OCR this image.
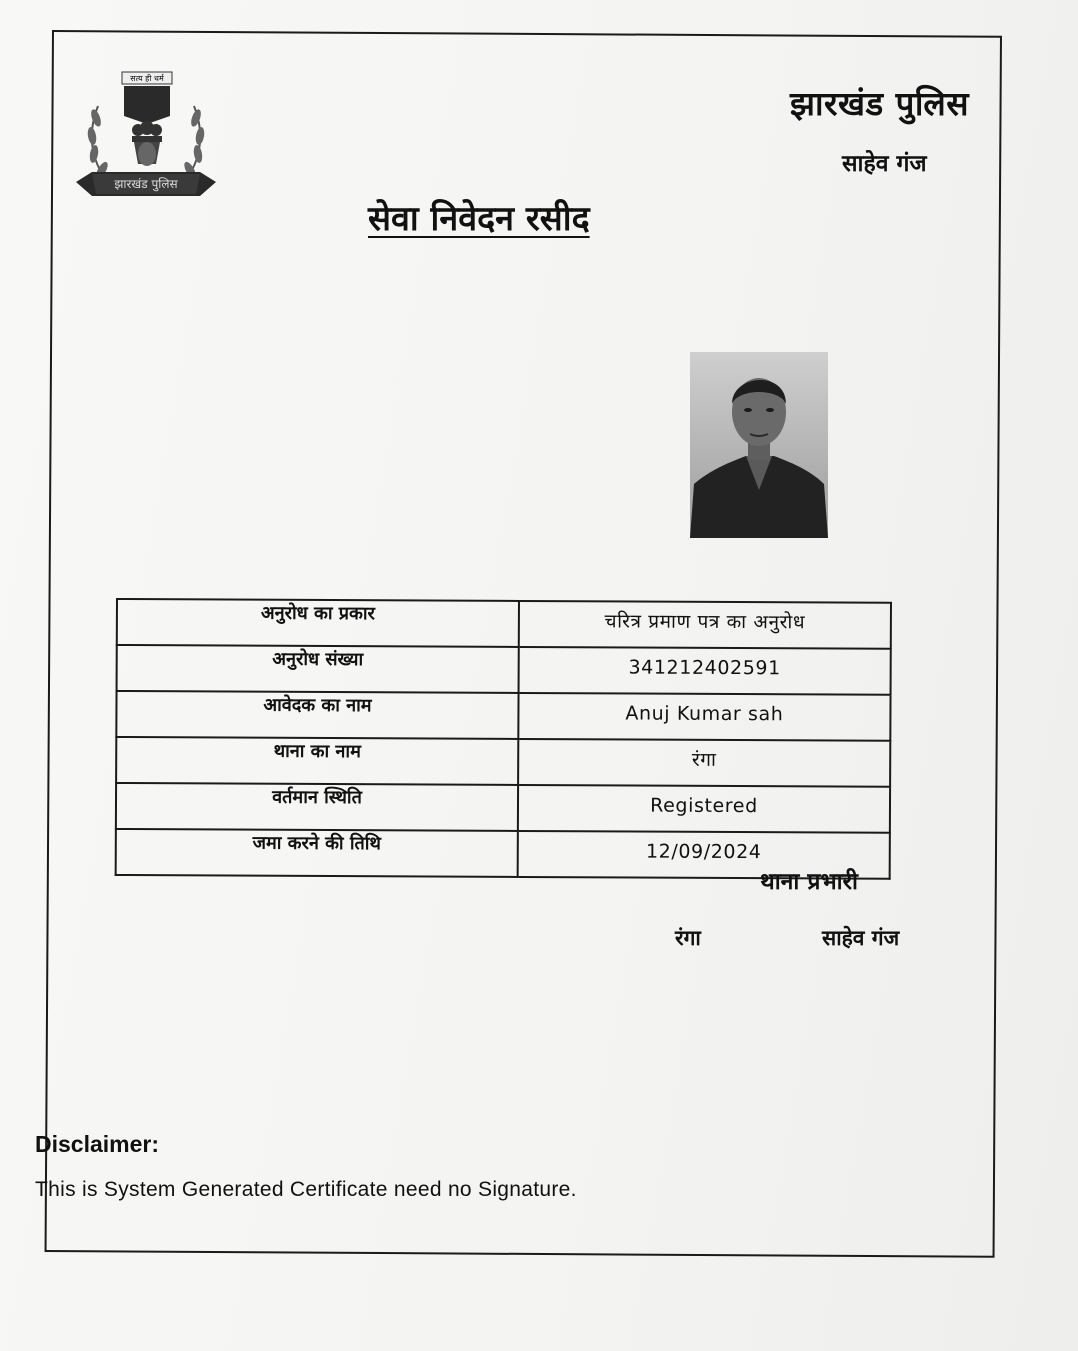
सत्य ही धर्म
झारखंड पुलिस
झारखंड पुलिस
साहेव गंज
सेवा निवेदन रसीद
अनुरोध का प्रकार	चरित्र प्रमाण पत्र का अनुरोध
अनुरोध संख्या	341212402591
आवेदक का नाम	Anuj Kumar sah
थाना का नाम	रंगा
वर्तमान स्थिति	Registered
जमा करने की तिथि	12/09/2024
थाना प्रभारी
रंगा	साहेव गंज
Disclaimer:
This is System Generated Certificate need no Signature.
